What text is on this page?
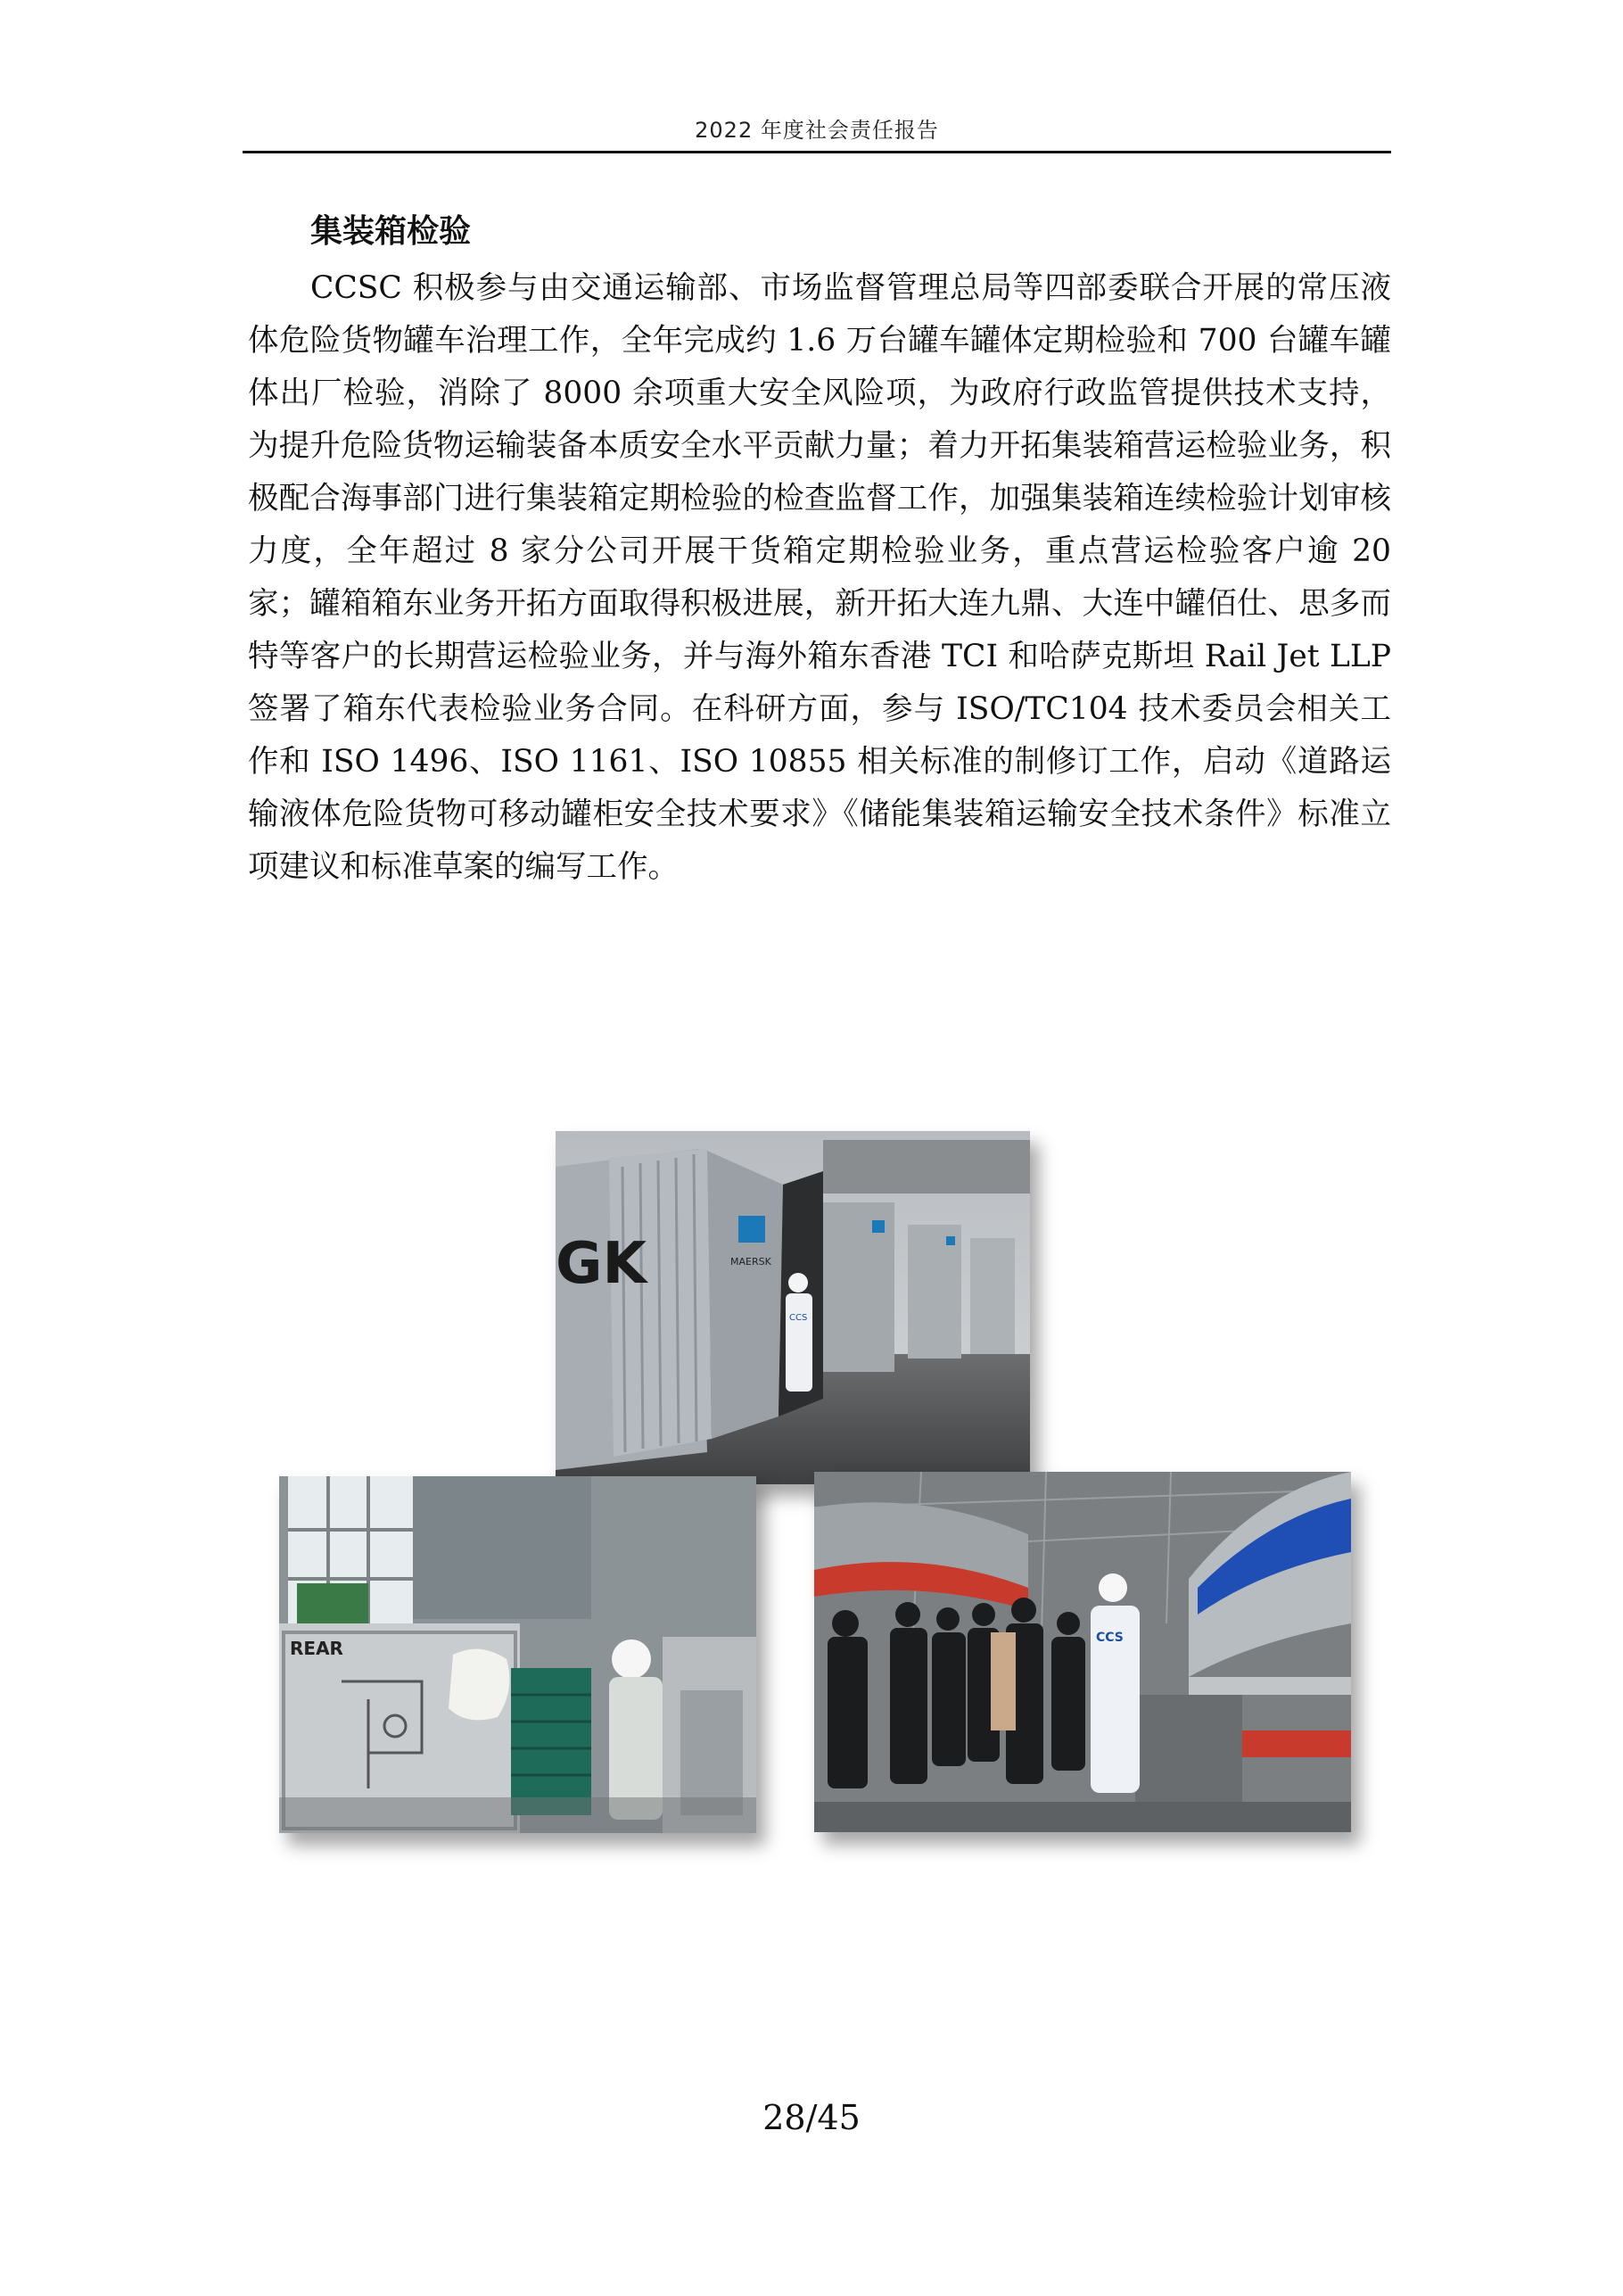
2022 年度社会责任报告
集装箱检验

CCSC 积极参与由交通运输部、市场监督管理总局等四部委联合开展的常压液体危险货物罐车治理工作，全年完成约 1.6 万台罐车罐体定期检验和 700 台罐车罐体出厂检验，消除了 8000 余项重大安全风险项，为政府行政监管提供技术支持，为提升危险货物运输装备本质安全水平贡献力量；着力开拓集装箱营运检验业务，积极配合海事部门进行集装箱定期检验的检查监督工作，加强集装箱连续检验计划审核力度，全年超过 8 家分公司开展干货箱定期检验业务，重点营运检验客户逾 20 家；罐箱箱东业务开拓方面取得积极进展，新开拓大连九鼎、大连中罐佰仕、思多而特等客户的长期营运检验业务，并与海外箱东香港 TCI 和哈萨克斯坦 Rail Jet LLP 签署了箱东代表检验业务合同。在科研方面，参与 ISO/TC104 技术委员会相关工作和 ISO 1496、ISO 1161、ISO 10855 相关标准的制修订工作，启动《道路运输液体危险货物可移动罐柜安全技术要求》《储能集装箱运输安全技术条件》标准立项建议和标准草案的编写工作。

GK	MAERSK
CCS
REAR	CCS
28/45
